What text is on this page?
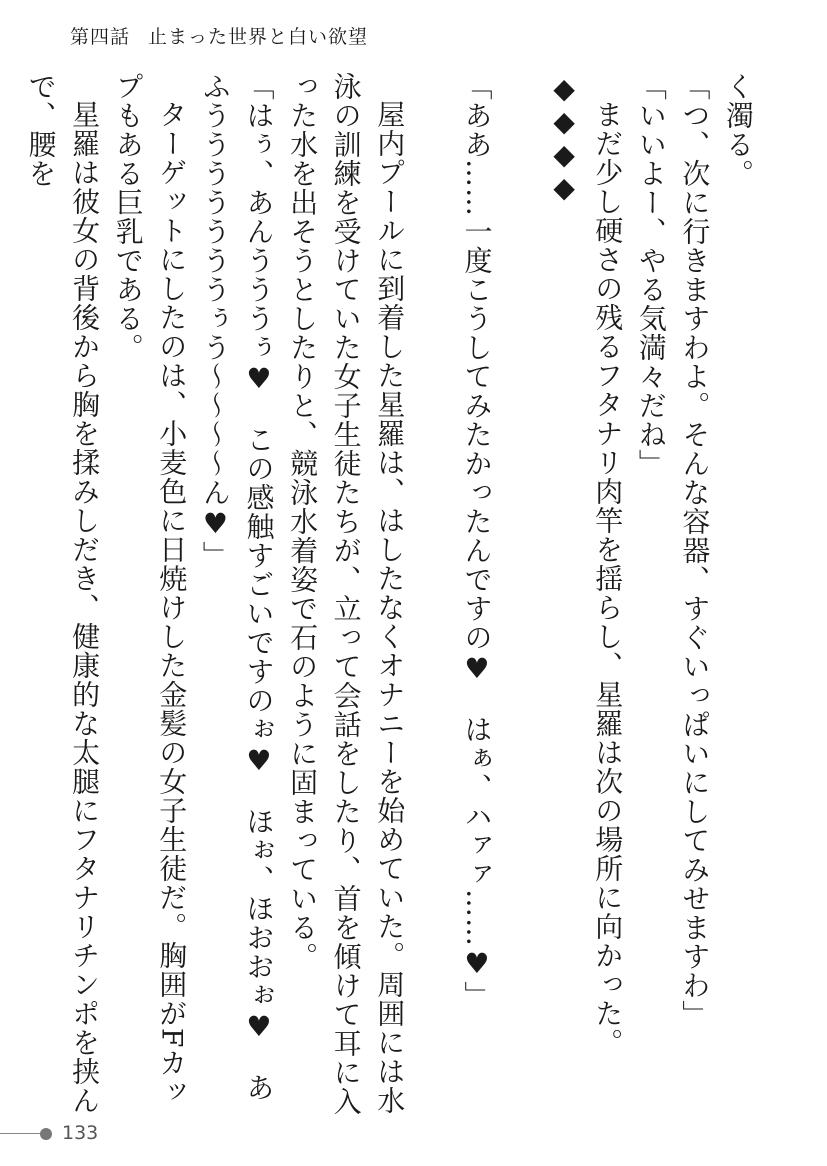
第四話 止まった世界と白い欲望

く濁る。

「つ、次に行きますわよ。そんな容器、すぐいっぱいにしてみせますわ」

「いいよー、やる気満々だね」

まだ少し硬さの残るフタナリ肉竿を揺らし、星羅は次の場所に向かった。

◆◆◆◆

「ああ……一度こうしてみたかったんですの♥　はぁ、ハァァ……♥」

屋内プールに到着した星羅は、はしたなくオナニーを始めていた。周囲には水泳の訓練を受けていた女子生徒たちが、立って会話をしたり、首を傾けて耳に入った水を出そうとしたりと、競泳水着姿で石のように固まっている。

「はぅ、あんうううぅ♥　この感触すごいですのぉ♥　ほぉ、ほおおぉ♥　あふうううううううぅう〜〜〜〜ん♥」

ターゲットにしたのは、小麦色に日焼けした金髪の女子生徒だ。胸囲がFカップもある巨乳である。

星羅は彼女の背後から胸を揉みしだき、健康的な太腿にフタナリチンポを挟んで、腰を

133
